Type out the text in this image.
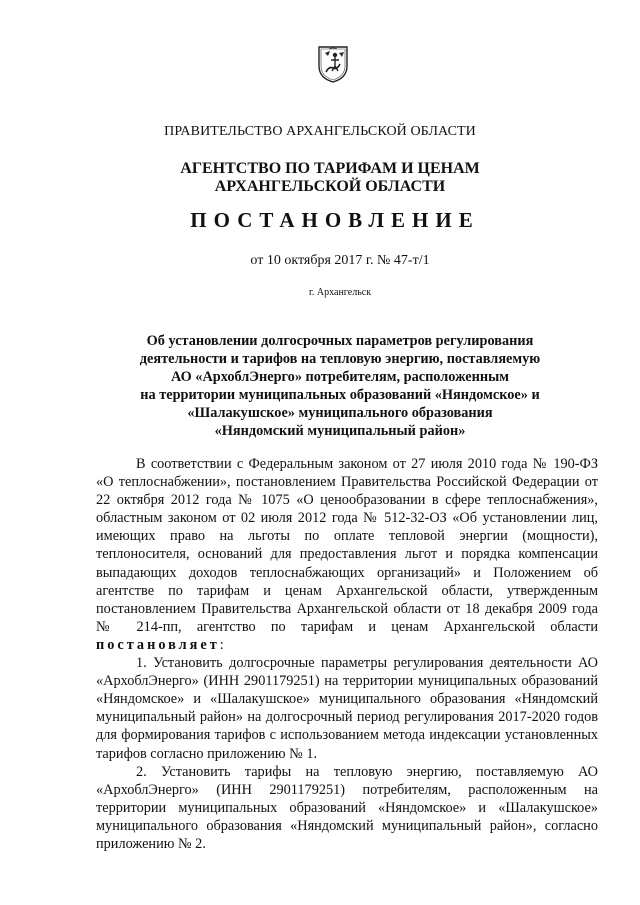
ПРАВИТЕЛЬСТВО АРХАНГЕЛЬСКОЙ ОБЛАСТИ
АГЕНТСТВО ПО ТАРИФАМ И ЦЕНАМ
АРХАНГЕЛЬСКОЙ ОБЛАСТИ
ПОСТАНОВЛЕНИЕ
от 10 октября 2017 г. № 47-т/1
г. Архангельск
Об установлении долгосрочных параметров регулирования
деятельности и тарифов на тепловую энергию, поставляемую
АО «АрхоблЭнерго» потребителям, расположенным
на территории муниципальных образований «Няндомское» и
«Шалакушское» муниципального образования
«Няндомский муниципальный район»

В соответствии с Федеральным законом от 27 июля 2010 года № 190-ФЗ «О теплоснабжении», постановлением Правительства Российской Федерации от 22 октября 2012 года № 1075 «О ценообразовании в сфере теплоснабжения», областным законом от 02 июля 2012 года № 512-32-ОЗ «Об установлении лиц, имеющих право на льготы по оплате тепловой энергии (мощности), теплоносителя, оснований для предоставления льгот и порядка компенсации выпадающих доходов теплоснабжающих организаций» и Положением об агентстве по тарифам и ценам Архангельской области, утвержденным постановлением Правительства Архангельской области от 18 декабря 2009 года № 214-пп, агентство по тарифам и ценам Архангельской области постановляет:

1. Установить долгосрочные параметры регулирования деятельности АО «АрхоблЭнерго» (ИНН 2901179251) на территории муниципальных образований «Няндомское» и «Шалакушское» муниципального образования «Няндомский муниципальный район» на долгосрочный период регулирования 2017-2020 годов для формирования тарифов с использованием метода индексации установленных тарифов согласно приложению № 1.

2. Установить тарифы на тепловую энергию, поставляемую АО «АрхоблЭнерго» (ИНН 2901179251) потребителям, расположенным на территории муниципальных образований «Няндомское» и «Шалакушское» муниципального образования «Няндомский муниципальный район», согласно приложению № 2.
